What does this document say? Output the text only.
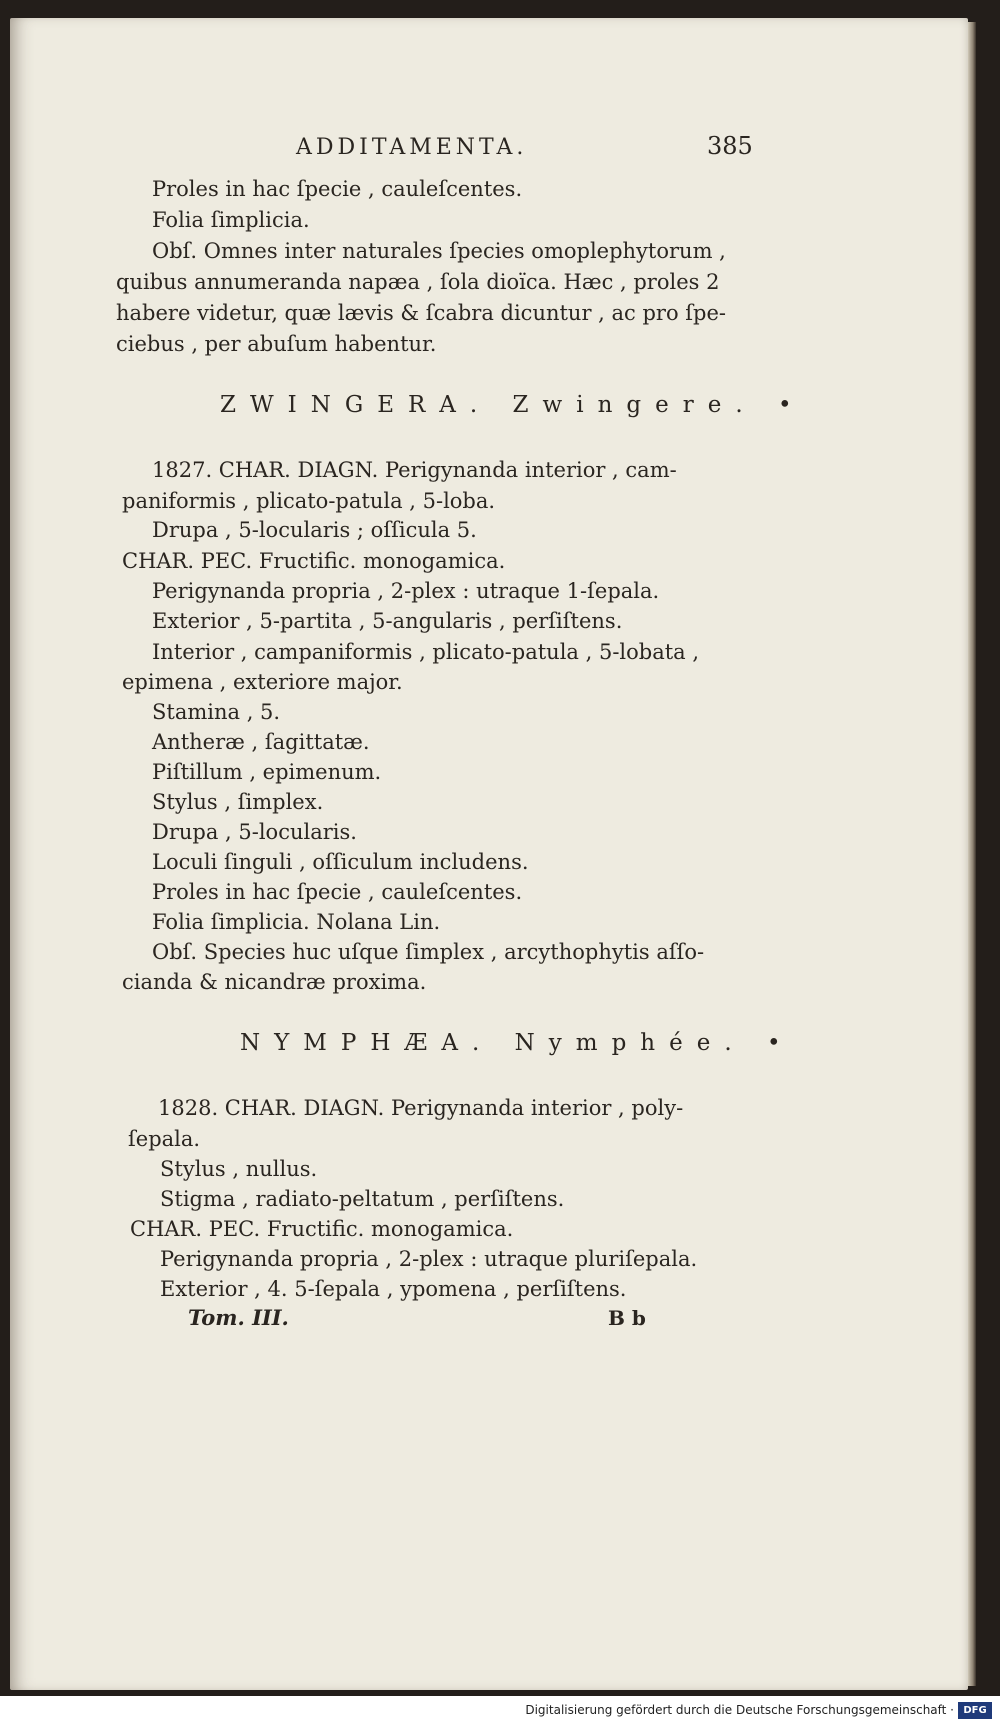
ADDITAMENTA.	385
Proles in hac ſpecie , cauleſcentes.
Folia ſimplicia.
Obſ. Omnes inter naturales ſpecies omoplephytorum ,
quibus annumeranda napæa , ſola dioïca. Hæc , proles 2
habere videtur, quæ lævis & ſcabra dicuntur , ac pro ſpe-
ciebus , per abuſum habentur.
ZWINGERA. Zwingere. •
1827. CHAR. DIAGN. Perigynanda interior , cam-
paniformis , plicato-patula , 5-loba.
Drupa , 5-locularis ; oſſicula 5.
CHAR. PEC. Fructific. monogamica.
Perigynanda propria , 2-plex : utraque 1-ſepala.
Exterior , 5-partita , 5-angularis , perſiſtens.
Interior , campaniformis , plicato-patula , 5-lobata ,
epimena , exteriore major.
Stamina , 5.
Antheræ , ſagittatæ.
Piſtillum , epimenum.
Stylus , ſimplex.
Drupa , 5-locularis.
Loculi ſinguli , oſſiculum includens.
Proles in hac ſpecie , cauleſcentes.
Folia ſimplicia. Nolana Lin.
Obſ. Species huc uſque ſimplex , arcythophytis aſſo-
cianda & nicandræ proxima.
NYMPHÆA. Nymphée. •
1828. CHAR. DIAGN. Perigynanda interior , poly-
ſepala.
Stylus , nullus.
Stigma , radiato-peltatum , perſiſtens.
CHAR. PEC. Fructific. monogamica.
Perigynanda propria , 2-plex : utraque pluriſepala.
Exterior , 4. 5-ſepala , ypomena , perſiſtens.
Tom. III.	B b
Digitalisierung gefördert durch die Deutsche Forschungsgemeinschaft · DFG
